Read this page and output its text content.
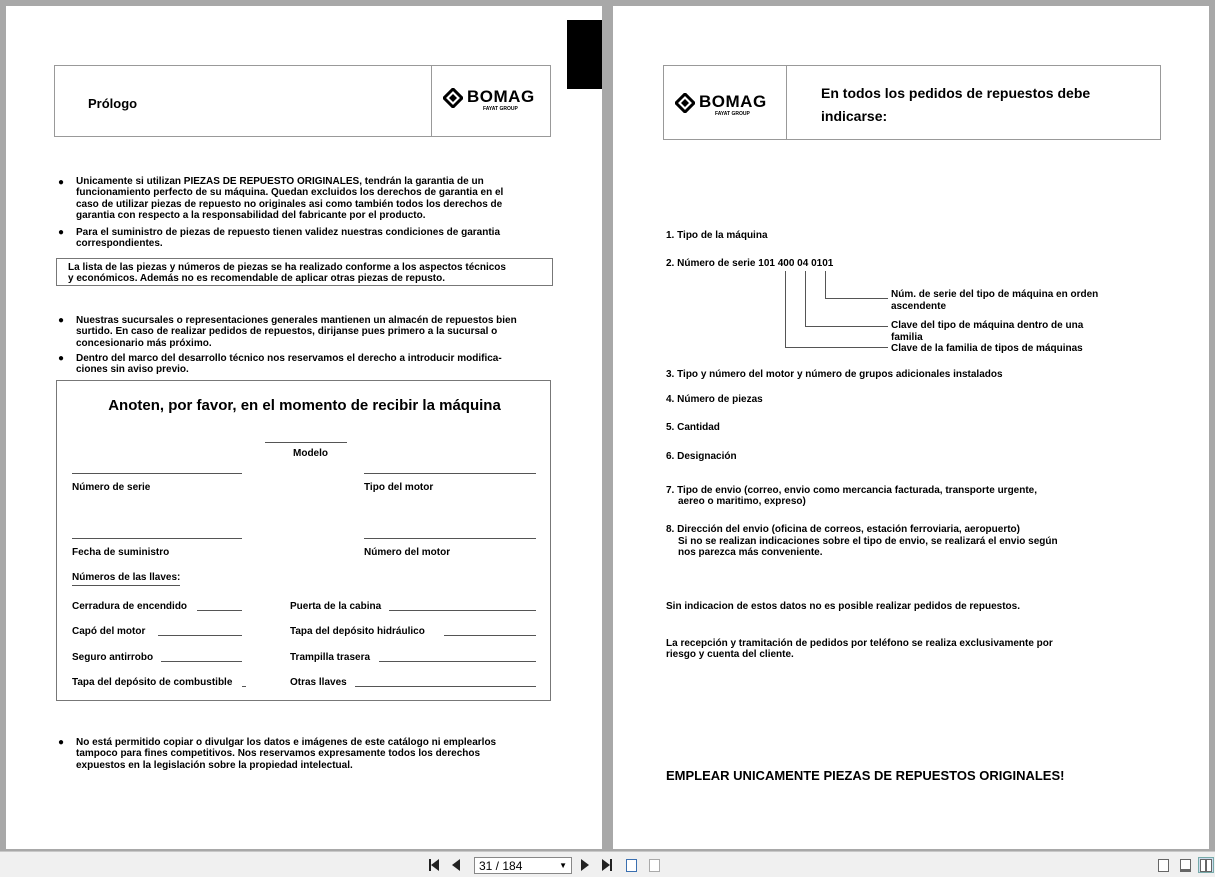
Prólogo	BOMAG
FAYAT GROUP
● Unicamente si utilizan PIEZAS DE REPUESTO ORIGINALES, tendrán la garantia de un funcionamiento perfecto de su máquina. Quedan excluidos los derechos de garantia en el caso de utilizar piezas de repuesto no originales asi como también todos los derechos de garantia con respecto a la responsabilidad del fabricante por el producto.
● Para el suministro de piezas de repuesto tienen validez nuestras condiciones de garantia correspondientes.
La lista de las piezas y números de piezas se ha realizado conforme a los aspectos técnicos y económicos. Además no es recomendable de aplicar otras piezas de repusto.
● Nuestras sucursales o representaciones generales mantienen un almacén de repuestos bien surtido. En caso de realizar pedidos de repuestos, dirijanse pues primero a la sucursal o concesionario más próximo.
● Dentro del marco del desarrollo técnico nos reservamos el derecho a introducir modifica-ciones sin aviso previo.
Anoten, por favor, en el momento de recibir la máquina
Modelo
Número de serie	Tipo del motor
Fecha de suministro	Número del motor
Números de las llaves:
Cerradura de encendido	Puerta de la cabina
Capó del motor	Tapa del depósito hidráulico
Seguro antirrobo	Trampilla trasera
Tapa del depósito de combustible	Otras llaves
● No está permitido copiar o divulgar los datos e imágenes de este catálogo ni emplearlos tampoco para fines competitivos. Nos reservamos expresamente todos los derechos expuestos en la legislación sobre la propiedad intelectual.
BOMAG
FAYAT GROUP
En todos los pedidos de repuestos debe indicarse:
1. Tipo de la máquina
2. Número de serie 101 400 04 0101
Núm. de serie del tipo de máquina en orden ascendente
Clave del tipo de máquina dentro de una familia
Clave de la familia de tipos de máquinas
3. Tipo y número del motor y número de grupos adicionales instalados
4. Número de piezas
5. Cantidad
6. Designación
7. Tipo de envio (correo, envio como mercancia facturada, transporte urgente,
aereo o maritimo, expreso)
8. Dirección del envio (oficina de correos, estación ferroviaria, aeropuerto)
Si no se realizan indicaciones sobre el tipo de envio, se realizará el envio según
nos parezca más conveniente.
Sin indicacion de estos datos no es posible realizar pedidos de repuestos.
La recepción y tramitación de pedidos por teléfono se realiza exclusivamente por
riesgo y cuenta del cliente.
EMPLEAR UNICAMENTE PIEZAS DE REPUESTOS ORIGINALES!
31 / 184	▼
